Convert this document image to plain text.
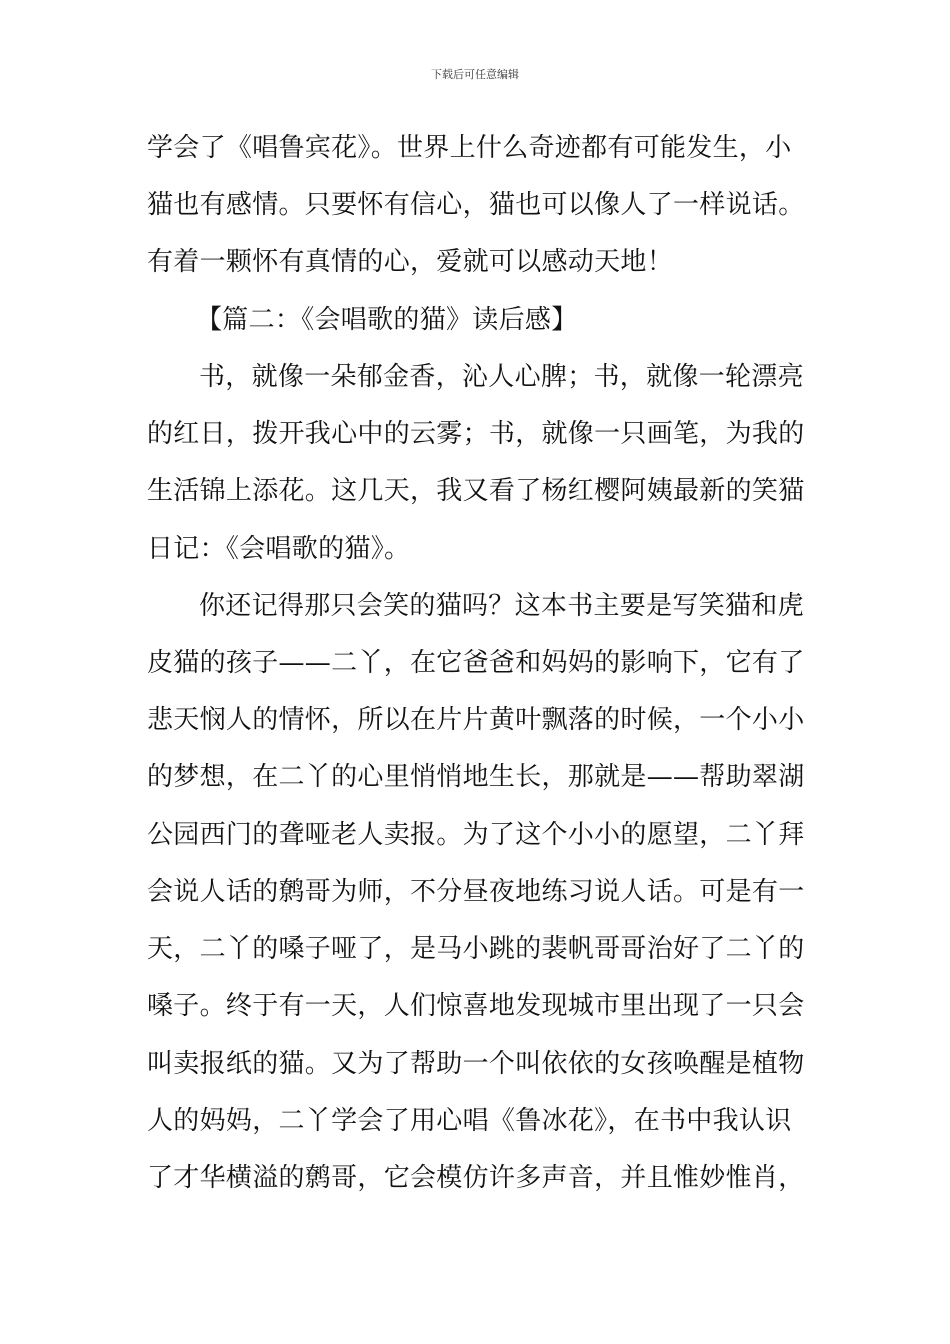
下载后可任意编辑
学会了《唱鲁宾花》。世界上什么奇迹都有可能发生，小
猫也有感情。只要怀有信心，猫也可以像人了一样说话。
有着一颗怀有真情的心，爱就可以感动天地！
【篇二：《会唱歌的猫》读后感】
书，就像一朵郁金香，沁人心脾；书，就像一轮漂亮
的红日，拨开我心中的云雾；书，就像一只画笔，为我的
生活锦上添花。这几天，我又看了杨红樱阿姨最新的笑猫
日记：《会唱歌的猫》。
你还记得那只会笑的猫吗？这本书主要是写笑猫和虎
皮猫的孩子——二丫，在它爸爸和妈妈的影响下，它有了
悲天悯人的情怀，所以在片片黄叶飘落的时候，一个小小
的梦想，在二丫的心里悄悄地生长，那就是——帮助翠湖
公园西门的聋哑老人卖报。为了这个小小的愿望，二丫拜
会说人话的鹩哥为师，不分昼夜地练习说人话。可是有一
天，二丫的嗓子哑了，是马小跳的裴帆哥哥治好了二丫的
嗓子。终于有一天，人们惊喜地发现城市里出现了一只会
叫卖报纸的猫。又为了帮助一个叫依依的女孩唤醒是植物
人的妈妈，二丫学会了用心唱《鲁冰花》，在书中我认识
了才华横溢的鹩哥，它会模仿许多声音，并且惟妙惟肖，
